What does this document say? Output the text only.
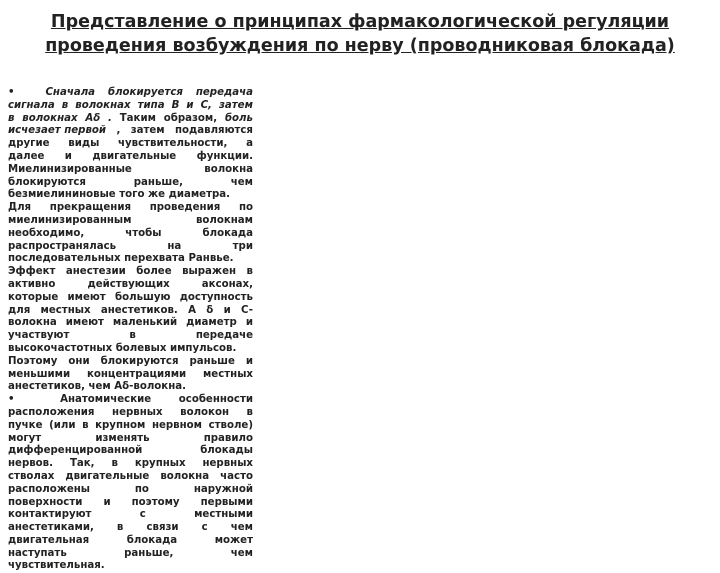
Представление о принципах фармакологической регуляции
проведения возбуждения по нерву (проводниковая блокада)
•	Сначала блокируется передача
сигнала в волокнах типа B и C, затем
в волокнах Aδ . Таким образом, боль
исчезает первой , затем подавляются
другие виды чувствительности, а
далее и двигательные функции.
Миелинизированные	волокна
блокируются	раньше,	чем
безмиелининовые того же диаметра.
Для прекращения проведения по
миелинизированным	волокнам
необходимо,	чтобы	блокада
распространялась	на	три
последовательных перехвата Ранвье.
Эффект анестезии более выражен в
активно	действующих	аксонах,
которые имеют большую доступность
для местных анестетиков. A δ и C-
волокна имеют маленький диаметр и
участвуют	в	передаче
высокочастотных болевых импульсов.
Поэтому они блокируются раньше и
меньшими концентрациями местных
анестетиков, чем Aδ-волокна.
•	Анатомические	особенности
расположения нервных волокон в
пучке (или в крупном нервном стволе)
могут	изменять	правило
дифференцированной	блокады
нервов. Так, в крупных нервных
стволах двигательные волокна часто
расположены	по	наружной
поверхности и поэтому первыми
контактируют	с	местными
анестетиками, в связи с чем
двигательная	блокада	может
наступать	раньше,	чем
чувствительная.
